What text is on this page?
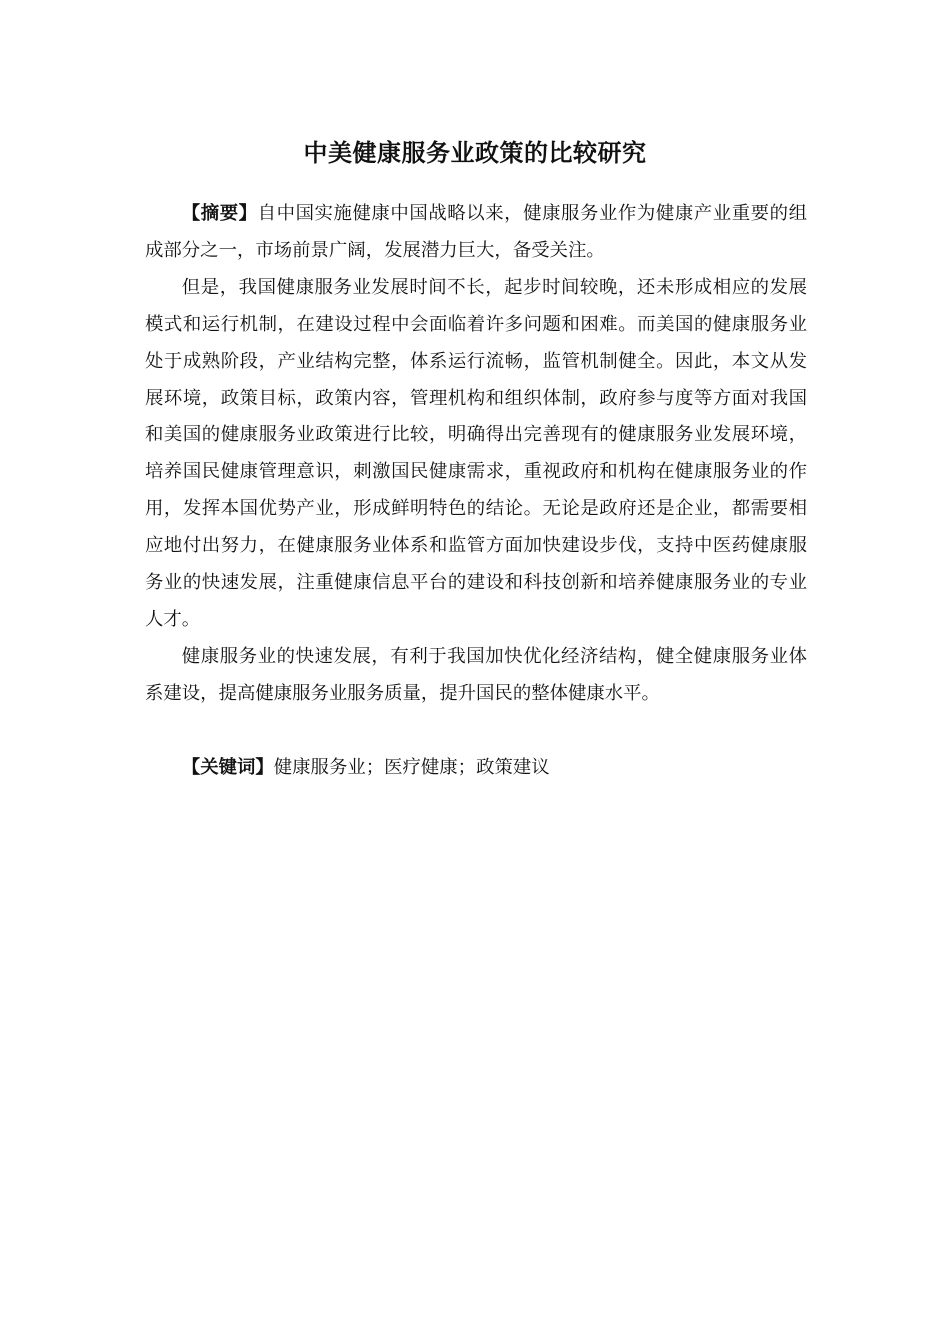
中美健康服务业政策的比较研究

【摘要】自中国实施健康中国战略以来，健康服务业作为健康产业重要的组成部分之一，市场前景广阔，发展潜力巨大，备受关注。

但是，我国健康服务业发展时间不长，起步时间较晚，还未形成相应的发展模式和运行机制，在建设过程中会面临着许多问题和困难。而美国的健康服务业处于成熟阶段，产业结构完整，体系运行流畅，监管机制健全。因此，本文从发展环境，政策目标，政策内容，管理机构和组织体制，政府参与度等方面对我国和美国的健康服务业政策进行比较，明确得出完善现有的健康服务业发展环境，培养国民健康管理意识，刺激国民健康需求，重视政府和机构在健康服务业的作用，发挥本国优势产业，形成鲜明特色的结论。无论是政府还是企业，都需要相应地付出努力，在健康服务业体系和监管方面加快建设步伐，支持中医药健康服务业的快速发展，注重健康信息平台的建设和科技创新和培养健康服务业的专业人才。

健康服务业的快速发展，有利于我国加快优化经济结构，健全健康服务业体系建设，提高健康服务业服务质量，提升国民的整体健康水平。

【关键词】健康服务业；医疗健康；政策建议
